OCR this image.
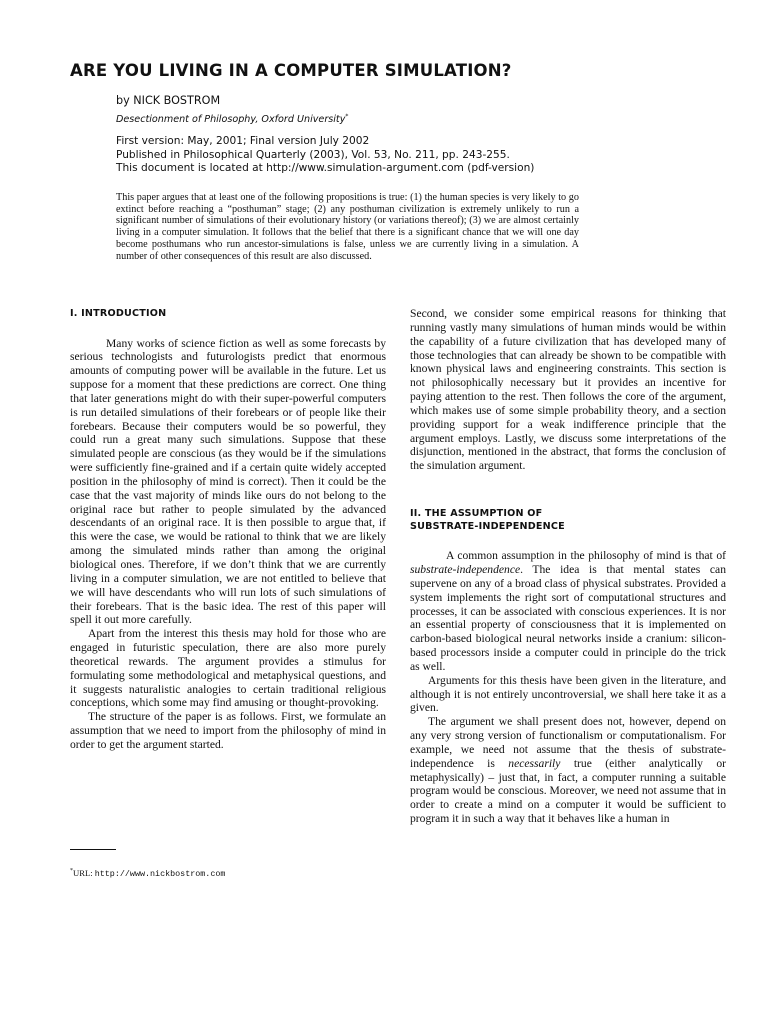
ARE YOU LIVING IN A COMPUTER SIMULATION?
by NICK BOSTROM
Desectionment of Philosophy, Oxford University*
First version: May, 2001; Final version July 2002
Published in Philosophical Quarterly (2003), Vol. 53, No. 211, pp. 243-255.
This document is located at http://www.simulation-argument.com (pdf-version)
This paper argues that at least one of the following propositions is true: (1) the human species is very likely to go extinct before reaching a “posthuman” stage; (2) any posthuman civilization is extremely unlikely to run a significant number of simulations of their evolutionary history (or variations thereof); (3) we are almost certainly living in a computer simulation. It follows that the belief that there is a significant chance that we will one day become posthumans who run ancestor-simulations is false, unless we are currently living in a simulation. A number of other consequences of this result are also discussed.
I. INTRODUCTION

Many works of science fiction as well as some forecasts by serious technologists and futurologists predict that enormous amounts of computing power will be available in the future. Let us suppose for a moment that these predictions are correct. One thing that later generations might do with their super-powerful computers is run detailed simulations of their forebears or of people like their forebears. Because their computers would be so powerful, they could run a great many such simulations. Suppose that these simulated people are conscious (as they would be if the simulations were sufficiently fine-grained and if a certain quite widely accepted position in the philosophy of mind is correct). Then it could be the case that the vast majority of minds like ours do not belong to the original race but rather to people simulated by the advanced descendants of an original race. It is then possible to argue that, if this were the case, we would be rational to think that we are likely among the simulated minds rather than among the original biological ones. Therefore, if we don’t think that we are currently living in a computer simulation, we are not entitled to believe that we will have descendants who will run lots of such simulations of their forebears. That is the basic idea. The rest of this paper will spell it out more carefully.

Apart from the interest this thesis may hold for those who are engaged in futuristic speculation, there are also more purely theoretical rewards. The argument provides a stimulus for formulating some methodological and metaphysical questions, and it suggests naturalistic analogies to certain traditional religious conceptions, which some may find amusing or thought-provoking.

The structure of the paper is as follows. First, we formulate an assumption that we need to import from the philosophy of mind in order to get the argument started.

Second, we consider some empirical reasons for thinking that running vastly many simulations of human minds would be within the capability of a future civilization that has developed many of those technologies that can already be shown to be compatible with known physical laws and engineering constraints. This section is not philosophically necessary but it provides an incentive for paying attention to the rest. Then follows the core of the argument, which makes use of some simple probability theory, and a section providing support for a weak indifference principle that the argument employs. Lastly, we discuss some interpretations of the disjunction, mentioned in the abstract, that forms the conclusion of the simulation argument.

II. THE ASSUMPTION OF
SUBSTRATE-INDEPENDENCE

A common assumption in the philosophy of mind is that of substrate-independence. The idea is that mental states can supervene on any of a broad class of physical substrates. Provided a system implements the right sort of computational structures and processes, it can be associated with conscious experiences. It is nor an essential property of consciousness that it is implemented on carbon-based biological neural networks inside a cranium: silicon-based processors inside a computer could in principle do the trick as well.

Arguments for this thesis have been given in the literature, and although it is not entirely uncontroversial, we shall here take it as a given.

The argument we shall present does not, however, depend on any very strong version of functionalism or computationalism. For example, we need not assume that the thesis of substrate-independence is necessarily true (either analytically or metaphysically) – just that, in fact, a computer running a suitable program would be conscious. Moreover, we need not assume that in order to create a mind on a computer it would be sufficient to program it in such a way that it behaves like a human in

*URL: http://www.nickbostrom.com
